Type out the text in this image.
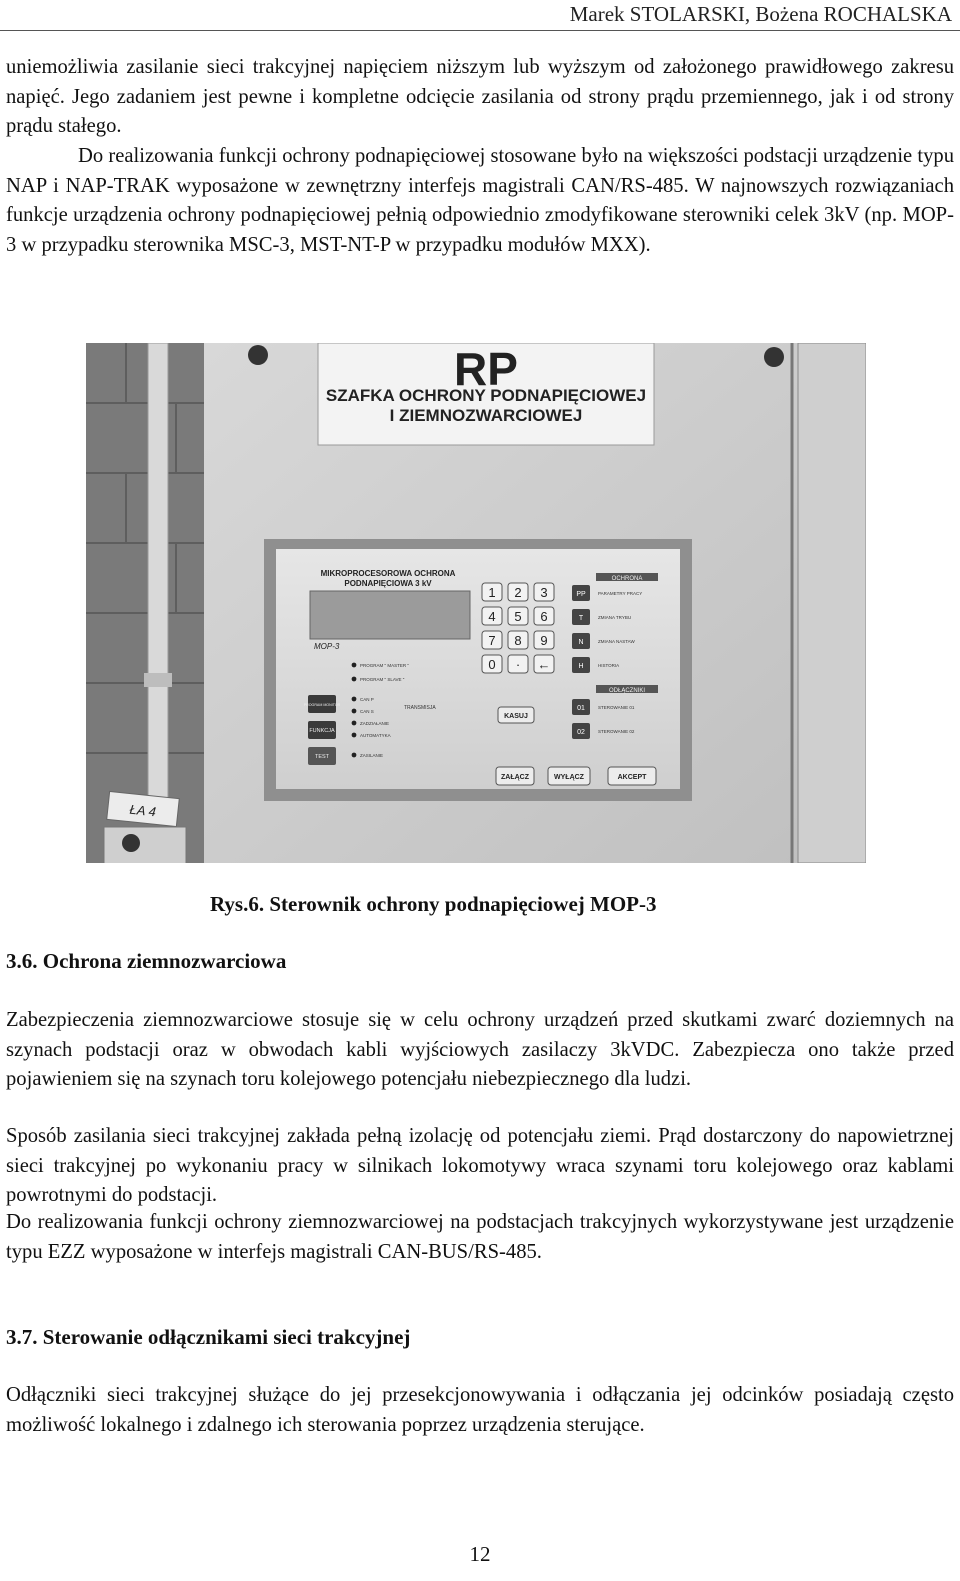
Marek STOLARSKI, Bożena ROCHALSKA

uniemożliwia zasilanie sieci trakcyjnej napięciem niższym lub wyższym od założonego prawidłowego zakresu napięć. Jego zadaniem jest pewne i kompletne odcięcie zasilania od strony prądu przemiennego, jak i od strony prądu stałego.

Do realizowania funkcji ochrony podnapięciowej stosowane było na większości podstacji urządzenie typu NAP i NAP-TRAK wyposażone w zewnętrzny interfejs magistrali CAN/RS-485. W najnowszych rozwiązaniach funkcje urządzenia ochrony podnapięciowej pełnią odpowiednio zmodyfikowane sterowniki celek 3kV (np. MOP-3 w przypadku sterownika MSC-3, MST-NT-P w przypadku modułów MXX).

RP
SZAFKA OCHRONY PODNAPIĘCIOWEJ
I ZIEMNOZWARCIOWEJ
MIKROPROCESOROWA OCHRONA
PODNAPIĘCIOWA 3 kV
MOP-3
1 2 3
4 5 6
7 8 9
0 · ←
PP	PARAMETRY PRACY
T	ZMIANA TRYBU
N	ZMIANA NASTAW
H	HISTORIA
OCHRONA
ODŁĄCZNIKI
01	STEROWANIE 01
02	STEROWANIE 02
PROGRAM MONITOR
FUNKCJA
TEST
PROGRAM " MASTER "
PROGRAM " SLAVE "
CAN P
CAN S
ZADZIAŁANIE
AUTOMATYKA
ZASILANIE
TRANSMISJA
KASUJ
ZAŁĄCZ	WYŁĄCZ	AKCEPT
ŁA 4
Rys.6. Sterownik ochrony podnapięciowej MOP-3
3.6. Ochrona ziemnozwarciowa

Zabezpieczenia ziemnozwarciowe stosuje się w celu ochrony urządzeń przed skutkami zwarć doziemnych na szynach podstacji oraz w obwodach kabli wyjściowych zasilaczy 3kVDC. Zabezpiecza ono także przed pojawieniem się na szynach toru kolejowego potencjału niebezpiecznego dla ludzi.

Sposób zasilania sieci trakcyjnej zakłada pełną izolację od potencjału ziemi. Prąd dostarczony do napowietrznej sieci trakcyjnej po wykonaniu pracy w silnikach lokomotywy wraca szynami toru kolejowego oraz kablami powrotnymi do podstacji.

Do realizowania funkcji ochrony ziemnozwarciowej na podstacjach trakcyjnych wykorzystywane jest urządzenie typu EZZ wyposażone w interfejs magistrali CAN-BUS/RS-485.

3.7. Sterowanie odłącznikami sieci trakcyjnej

Odłączniki sieci trakcyjnej służące do jej przesekcjonowywania i odłączania jej odcinków posiadają często możliwość lokalnego i zdalnego ich sterowania poprzez urządzenia sterujące.

12
